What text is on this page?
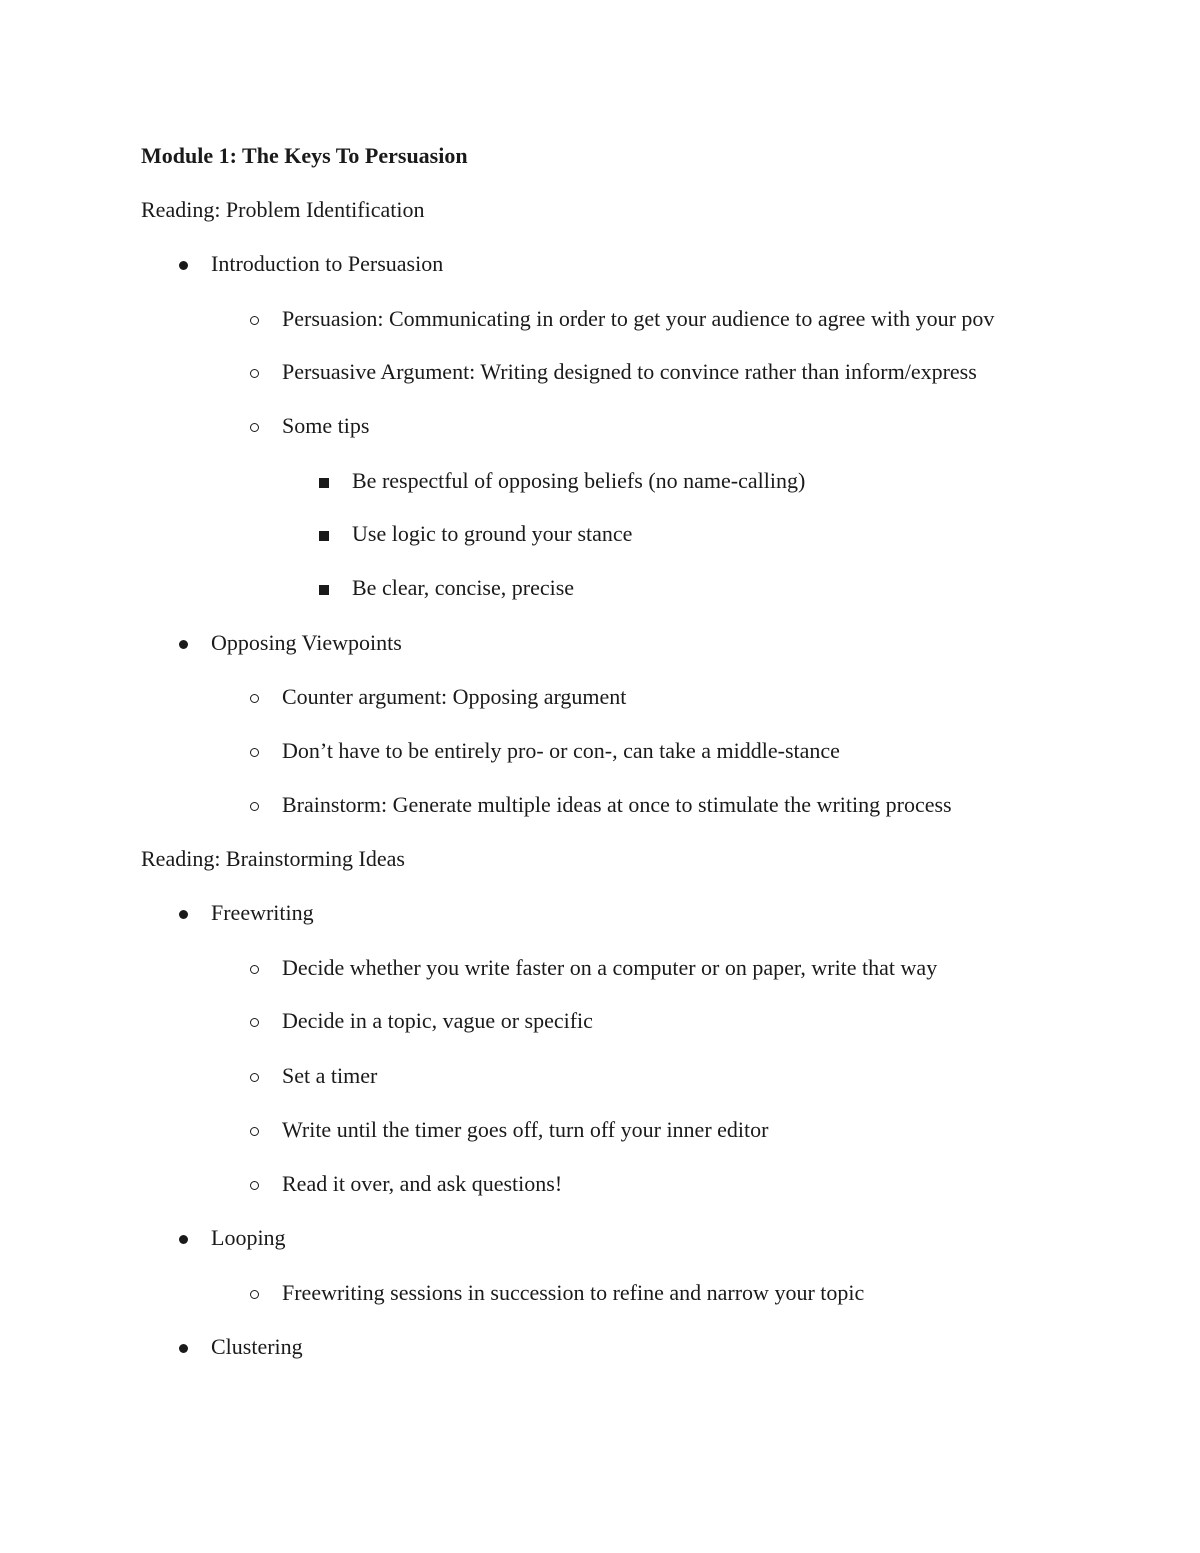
Module 1: The Keys To Persuasion
Reading: Problem Identification
Introduction to Persuasion
Persuasion: Communicating in order to get your audience to agree with your pov
Persuasive Argument: Writing designed to convince rather than inform/express
Some tips
Be respectful of opposing beliefs (no name-calling)
Use logic to ground your stance
Be clear, concise, precise
Opposing Viewpoints
Counter argument: Opposing argument
Don’t have to be entirely pro- or con-, can take a middle-stance
Brainstorm: Generate multiple ideas at once to stimulate the writing process
Reading: Brainstorming Ideas
Freewriting
Decide whether you write faster on a computer or on paper, write that way
Decide in a topic, vague or specific
Set a timer
Write until the timer goes off, turn off your inner editor
Read it over, and ask questions!
Looping
Freewriting sessions in succession to refine and narrow your topic
Clustering
